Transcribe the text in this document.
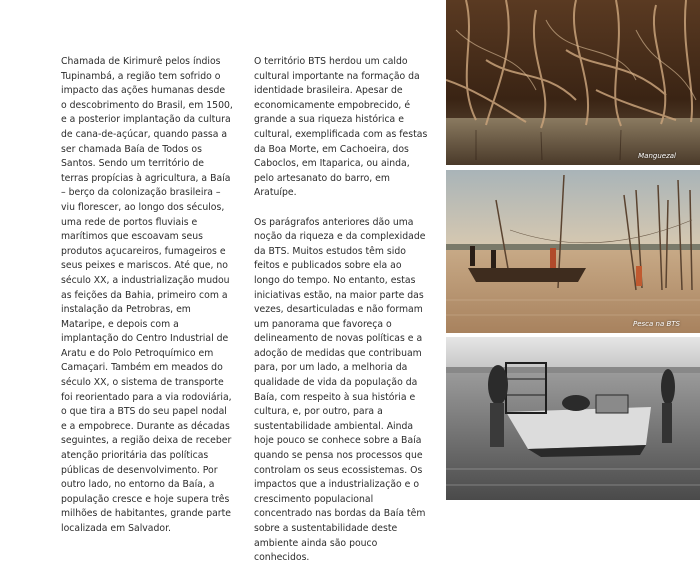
Chamada de Kirimurê pelos índios Tupinambá, a região tem sofrido o impacto das ações humanas desde o descobrimento do Brasil, em 1500, e a posterior implantação da cultura de cana-de-açúcar, quando passa a ser chamada Baía de Todos os Santos. Sendo um território de terras propícias à agricultura, a Baía – berço da colonização brasileira – viu florescer, ao longo dos séculos, uma rede de portos fluviais e marítimos que escoavam seus produtos açucareiros, fumageiros e seus peixes e mariscos. Até que, no século XX, a industrialização mudou as feições da Bahia, primeiro com a instalação da Petrobras, em Mataripe, e depois com a implantação do Centro Industrial de Aratu e do Polo Petroquímico em Camaçari. Também em meados do século XX, o sistema de transporte foi reorientado para a via rodoviária, o que tira a BTS do seu papel nodal e a empobrece. Durante as décadas seguintes, a região deixa de receber atenção prioritária das políticas públicas de desenvolvimento. Por outro lado, no entorno da Baía, a população cresce e hoje supera três milhões de habitantes, grande parte localizada em Salvador.

O território BTS herdou um caldo cultural importante na formação da identidade brasileira. Apesar de economicamente empobrecido, é grande a sua riqueza histórica e cultural, exemplificada com as festas da Boa Morte, em Cachoeira, dos Caboclos, em Itaparica, ou ainda, pelo artesanato do barro, em Aratuípe.

Os parágrafos anteriores dão uma noção da riqueza e da complexidade da BTS. Muitos estudos têm sido feitos e publicados sobre ela ao longo do tempo. No entanto, estas iniciativas estão, na maior parte das vezes, desarticuladas e não formam um panorama que favoreça o delineamento de novas políticas e a adoção de medidas que contribuam para, por um lado, a melhoria da qualidade de vida da população da Baía, com respeito à sua história e cultura, e, por outro, para a sustentabilidade ambiental. Ainda hoje pouco se conhece sobre a Baía quando se pensa nos processos que controlam os seus ecossistemas. Os impactos que a industrialização e o crescimento populacional concentrado nas bordas da Baía têm sobre a sustentabilidade deste ambiente ainda são pouco conhecidos.

Manguezal
Pesca na BTS
